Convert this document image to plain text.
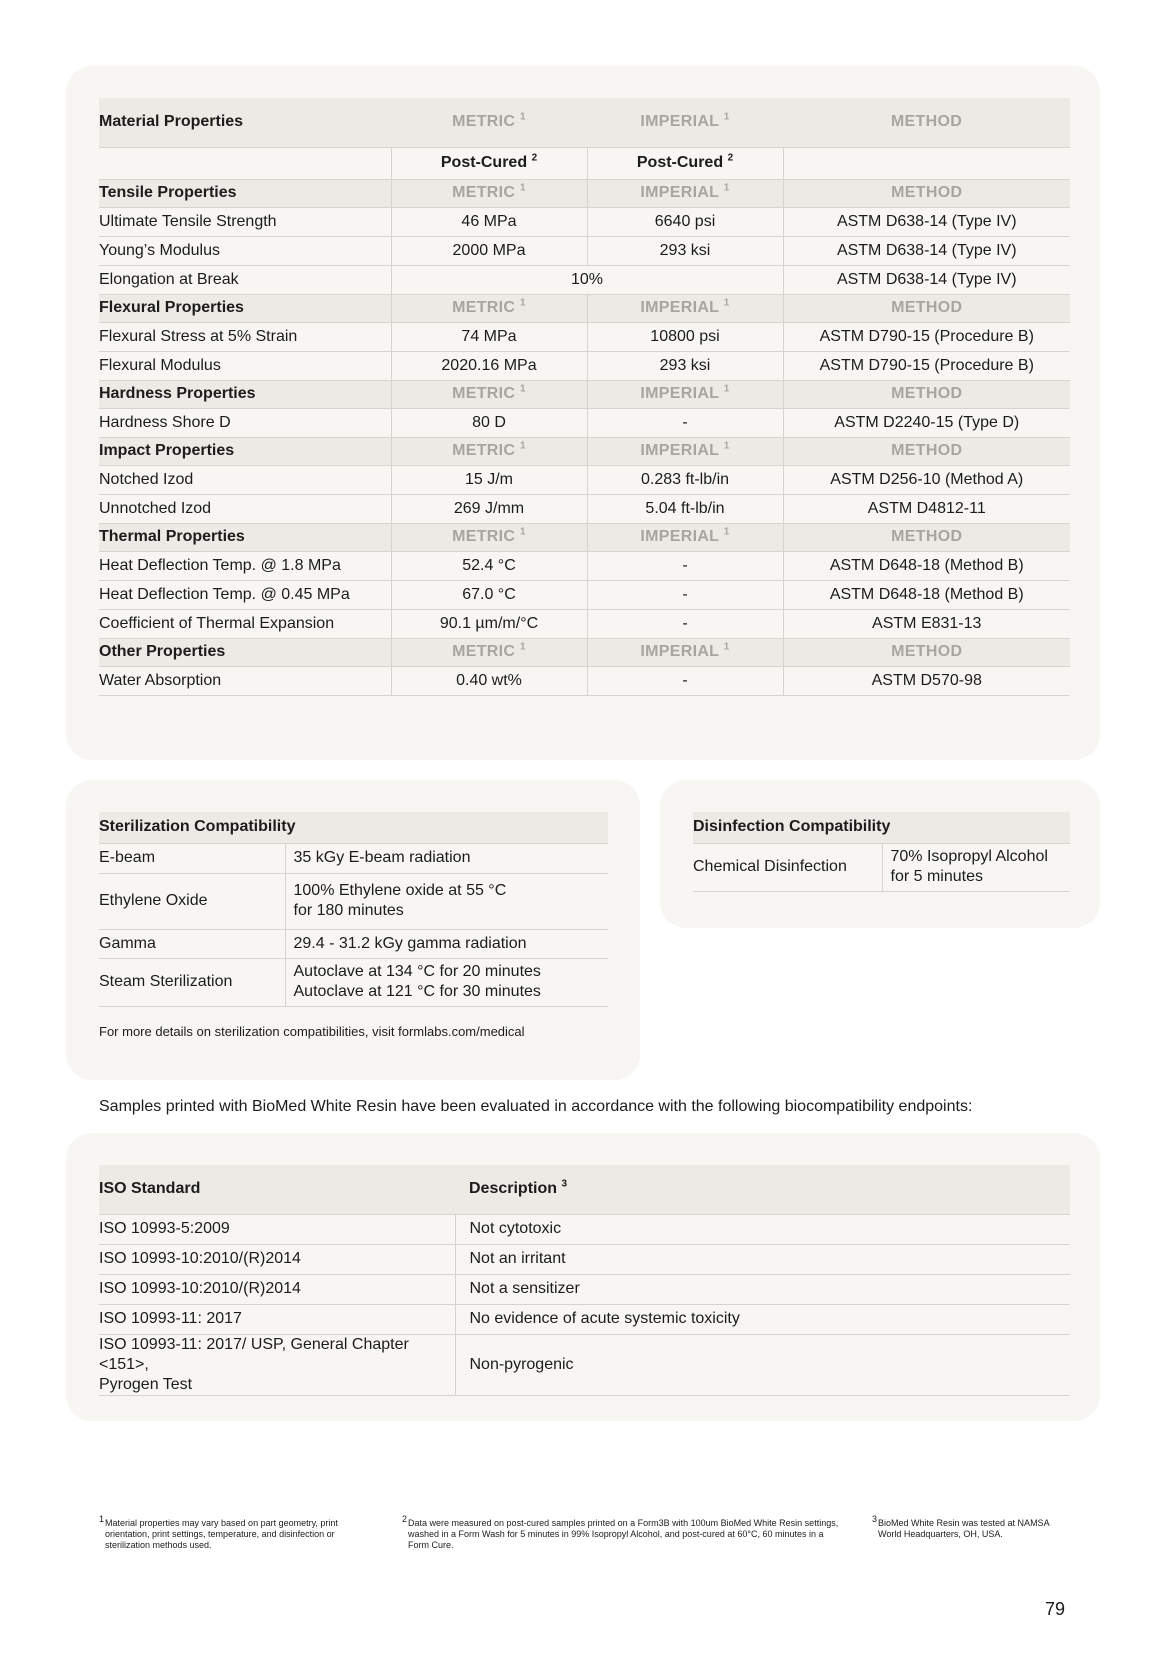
Material Properties	METRIC $^1$	IMPERIAL $^1$	METHOD
	Post-Cured $^2$	Post-Cured $^2$	
Tensile Properties	METRIC $^1$	IMPERIAL $^1$	METHOD
Ultimate Tensile Strength	46 MPa	6640 psi	ASTM D638-14 (Type IV)
Young’s Modulus	2000 MPa	293 ksi	ASTM D638-14 (Type IV)
Elongation at Break	10%		ASTM D638-14 (Type IV)
Flexural Properties	METRIC $^1$	IMPERIAL $^1$	METHOD
Flexural Stress at 5% Strain	74 MPa	10800 psi	ASTM D790-15 (Procedure B)
Flexural Modulus	2020.16 MPa	293 ksi	ASTM D790-15 (Procedure B)
Hardness Properties	METRIC $^1$	IMPERIAL $^1$	METHOD
Hardness Shore D	80 D	-	ASTM D2240-15 (Type D)
Impact Properties	METRIC $^1$	IMPERIAL $^1$	METHOD
Notched Izod	15 J/m	0.283 ft-lb/in	ASTM D256-10 (Method A)
Unnotched Izod	269 J/mm	5.04 ft-lb/in	ASTM D4812-11
Thermal Properties	METRIC $^1$	IMPERIAL $^1$	METHOD
Heat Deflection Temp. @ 1.8 MPa	52.4 °C	-	ASTM D648-18 (Method B)
Heat Deflection Temp. @ 0.45 MPa	67.0 °C	-	ASTM D648-18 (Method B)
Coefficient of Thermal Expansion	90.1 µm/m/°C	-	ASTM E831-13
Other Properties	METRIC $^1$	IMPERIAL $^1$	METHOD
Water Absorption	0.40 wt%	-	ASTM D570-98
Sterilization Compatibility	
E-beam	35 kGy E-beam radiation
Ethylene Oxide	100% Ethylene oxide at 55 °C
for 180 minutes
Gamma	29.4 - 31.2 kGy gamma radiation
Steam Sterilization	Autoclave at 134 °C for 20 minutes
Autoclave at 121 °C for 30 minutes
For more details on sterilization compatibilities, visit formlabs.com/medical
Disinfection Compatibility
Chemical Disinfection	70% Isopropyl Alcohol
for 5 minutes
Samples printed with BioMed White Resin have been evaluated in accordance with the following biocompatibility endpoints:
ISO Standard	Description $^3$
ISO 10993-5:2009	Not cytotoxic
ISO 10993-10:2010/(R)2014	Not an irritant
ISO 10993-10:2010/(R)2014	Not a sensitizer
ISO 10993-11: 2017	No evidence of acute systemic toxicity
ISO 10993-11: 2017/ USP, General Chapter <151>,
Pyrogen Test	Non-pyrogenic
1 Material properties may vary based on part geometry, print orientation, print settings, temperature, and disinfection or sterilization methods used.
2 Data were measured on post-cured samples printed on a Form3B with 100um BioMed White Resin settings, washed in a Form Wash for 5 minutes in 99% Isopropyl Alcohol, and post-cured at 60°C, 60 minutes in a Form Cure.
3 BioMed White Resin was tested at NAMSA World Headquarters, OH, USA.
79
